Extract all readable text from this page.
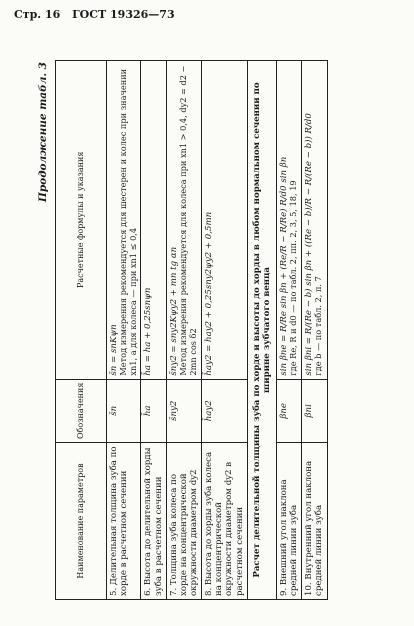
Стр. 16 ГОСТ 19326—73
Продолжение табл. 3
Наименование параметров	Обозначения	Расчетные формулы и указания
5. Делительная толщина зуба по хорде в расчетном сечении	s̄n	s̄n = snKψn Метод измерения рекомендуется для шестерен и колес при значении xn1, а для колеса — при xn1 ≤ 0,4

6. Высота до делительной хорды зуба в расчетном сечении	h̄a	h̄a = ha + 0,25snψn

7. Толщина зуба колеса по хорде на концентрической окружности диаметром dy2	s̄ny2	s̄ny2 = sny2Kψy2 + mn tg αn Метод измерения рекомендуется для колеса при xn1 > 0,4, dy2 = d2 − 2mn cos δ2

8. Высота до хорды зуба колеса на концентрической окружности диаметром dy2 в расчетном сечении	h̄ay2	h̄ay2 = hay2 + 0,25sny2ψy2 + 0,5mn

Расчет делительной толщины зуба по хорде и высоты до хорды в любом нормальном сечении по ширине зубчатого венца		
9. Внешний угол наклона средней линии зуба	βne	sin βne = R/Re sin βn + (Re/R − R/Re) R/d0 sin βn где Re, R и d0 — по табл. 2, пп. 2, 3, 5, 18, 19

10. Внутренний угол наклона средней линии зуба	βni	sin βni = R/(Re − b) sin βn + ((Re − b)/R − R/(Re − b)) R/d0 где b — по табл. 2, п. 7
